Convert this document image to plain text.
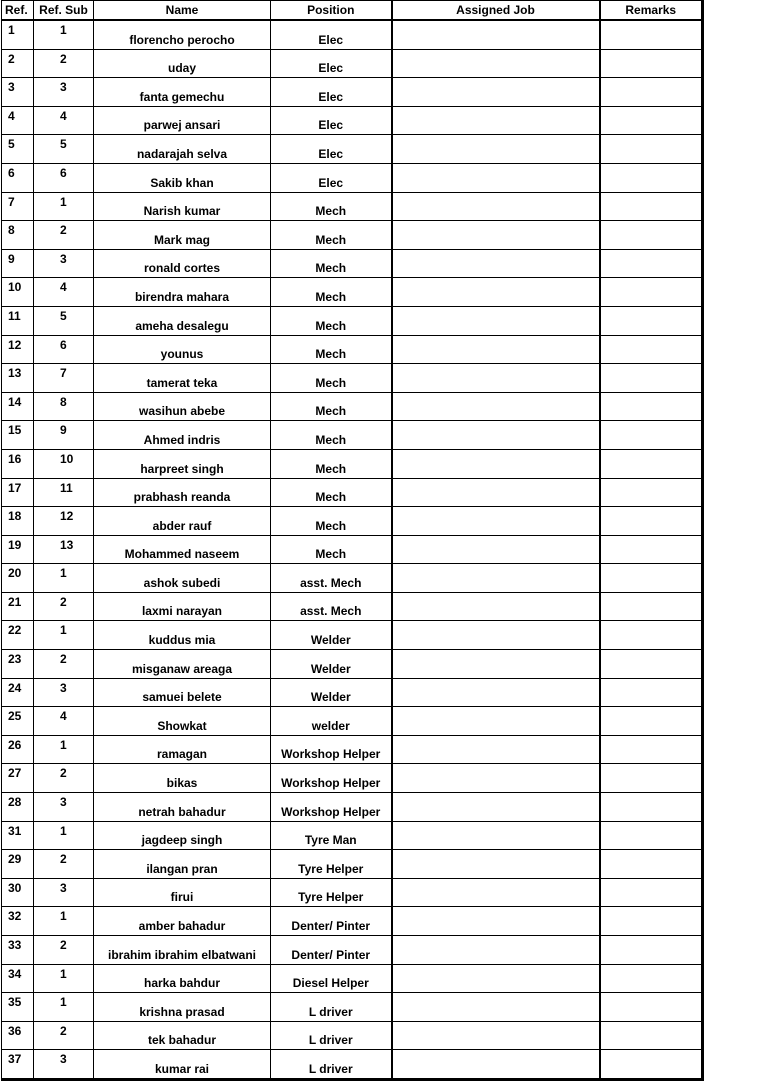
Ref.	Ref. Sub	Name	Position	Assigned Job	Remarks
1	1	florencho perocho	Elec		
2	2	uday	Elec		
3	3	fanta gemechu	Elec		
4	4	parwej ansari	Elec		
5	5	nadarajah selva	Elec		
6	6	Sakib khan	Elec		
7	1	Narish kumar	Mech		
8	2	Mark mag	Mech		
9	3	ronald cortes	Mech		
10	4	birendra mahara	Mech		
11	5	ameha desalegu	Mech		
12	6	younus	Mech		
13	7	tamerat teka	Mech		
14	8	wasihun abebe	Mech		
15	9	Ahmed indris	Mech		
16	10	harpreet singh	Mech		
17	11	prabhash reanda	Mech		
18	12	abder rauf	Mech		
19	13	Mohammed naseem	Mech		
20	1	ashok subedi	asst. Mech		
21	2	laxmi narayan	asst. Mech		
22	1	kuddus mia	Welder		
23	2	misganaw areaga	Welder		
24	3	samuei belete	Welder		
25	4	Showkat	welder		
26	1	ramagan	Workshop Helper		
27	2	bikas	Workshop Helper		
28	3	netrah bahadur	Workshop Helper		
31	1	jagdeep singh	Tyre Man		
29	2	ilangan pran	Tyre Helper		
30	3	firui	Tyre Helper		
32	1	amber bahadur	Denter/ Pinter		
33	2	ibrahim ibrahim elbatwani	Denter/ Pinter		
34	1	harka bahdur	Diesel Helper		
35	1	krishna prasad	L driver		
36	2	tek bahadur	L driver		
37	3	kumar rai	L driver		
